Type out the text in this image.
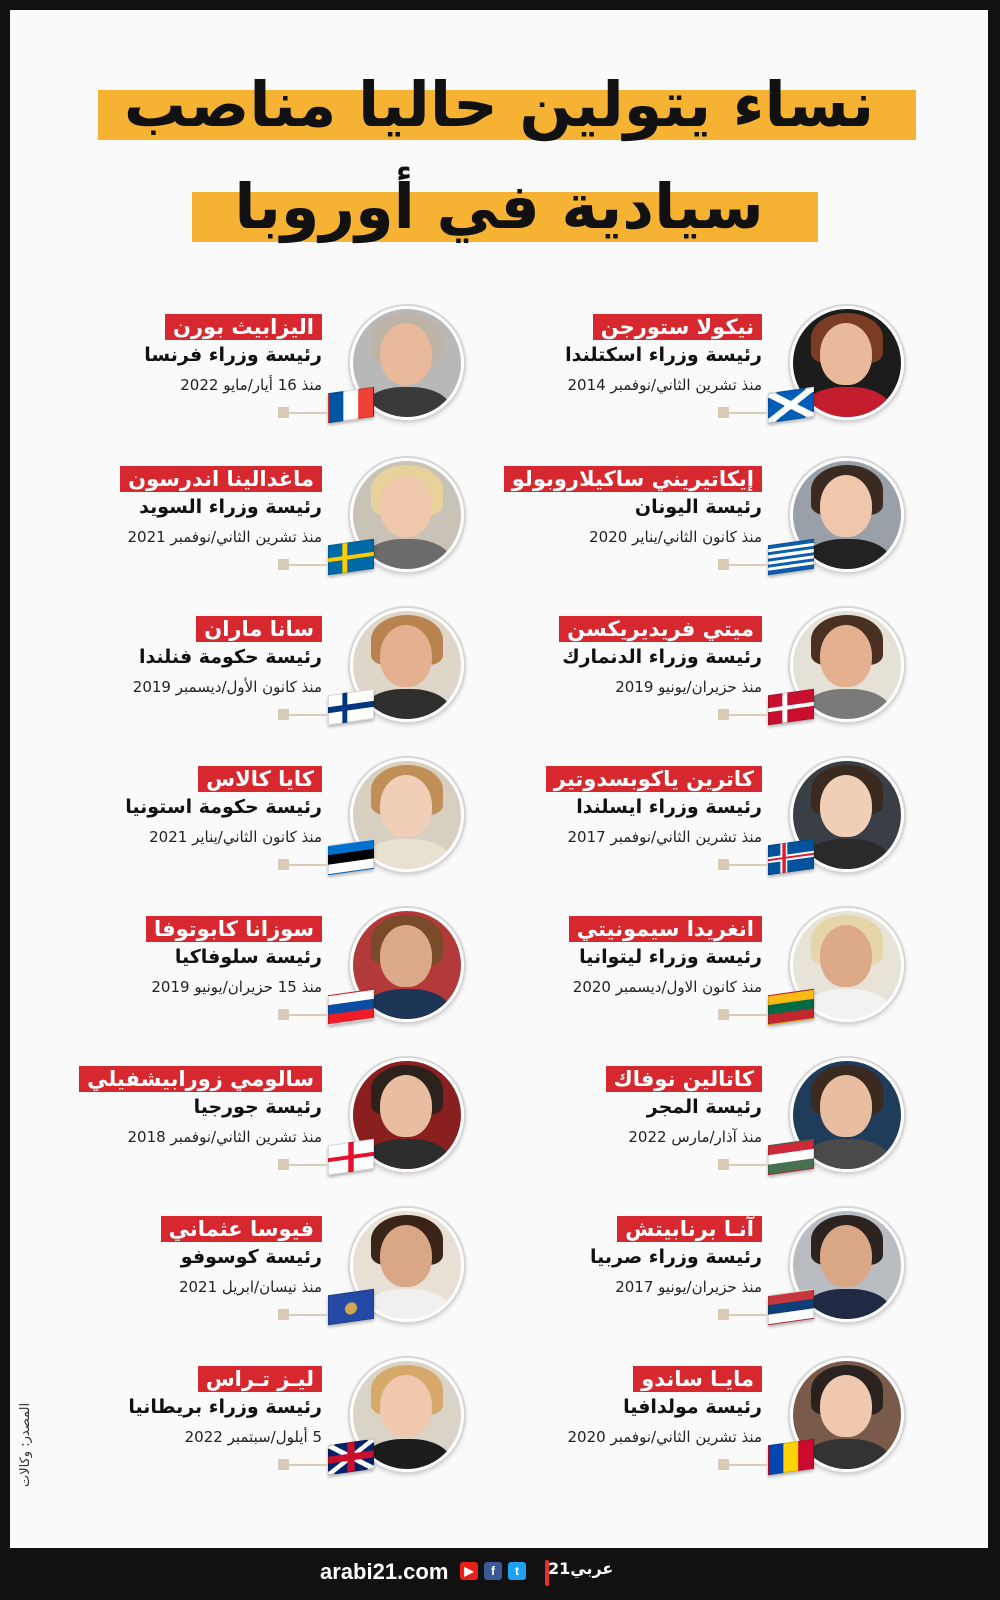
نساء يتولين حاليا مناصب
سيادية في أوروبا
اليزابيث بورن
رئيسة وزراء فرنسا
منذ 16 أيار/مايو 2022
ماغدالينا اندرسون
رئيسة وزراء السويد
منذ تشرين الثاني/نوفمبر 2021
سانا ماران
رئيسة حكومة فنلندا
منذ كانون الأول/ديسمبر 2019
كايا كالاس
رئيسة حكومة استونيا
منذ كانون الثاني/يناير 2021
سوزانا كابوتوفا
رئيسة سلوفاكيا
منذ 15 حزيران/يونيو 2019
سالومي زورابيشفيلي
رئيسة جورجيا
منذ تشرين الثاني/نوفمبر 2018
فيوسا عثماني
رئيسة كوسوفو
منذ نيسان/ابريل 2021
ليـز تـراس
رئيسة وزراء بريطانيا
5 أيلول/سبتمبر 2022
نيكولا ستورجن
رئيسة وزراء اسكتلندا
منذ تشرين الثاني/نوفمبر 2014
إيكاتيريني ساكيلاروبولو
رئيسة اليونان
منذ كانون الثاني/يناير 2020
ميتي فريديريكسن
رئيسة وزراء الدنمارك
منذ حزيران/يونيو 2019
كاترين ياكوبسدوتير
رئيسة وزراء ايسلندا
منذ تشرين الثاني/نوفمبر 2017
انغريدا سيمونيتي
رئيسة وزراء ليتوانيا
منذ كانون الاول/ديسمبر 2020
كاتالين نوفاك
رئيسة المجر
منذ آذار/مارس 2022
آنـا برنابيتش
رئيسة وزراء صربيا
منذ حزيران/يونيو 2017
مايـا ساندو
رئيسة مولدافيا
منذ تشرين الثاني/نوفمبر 2020
المصدر: وكالات
arabi21.com	▶	f	t	عربي21
